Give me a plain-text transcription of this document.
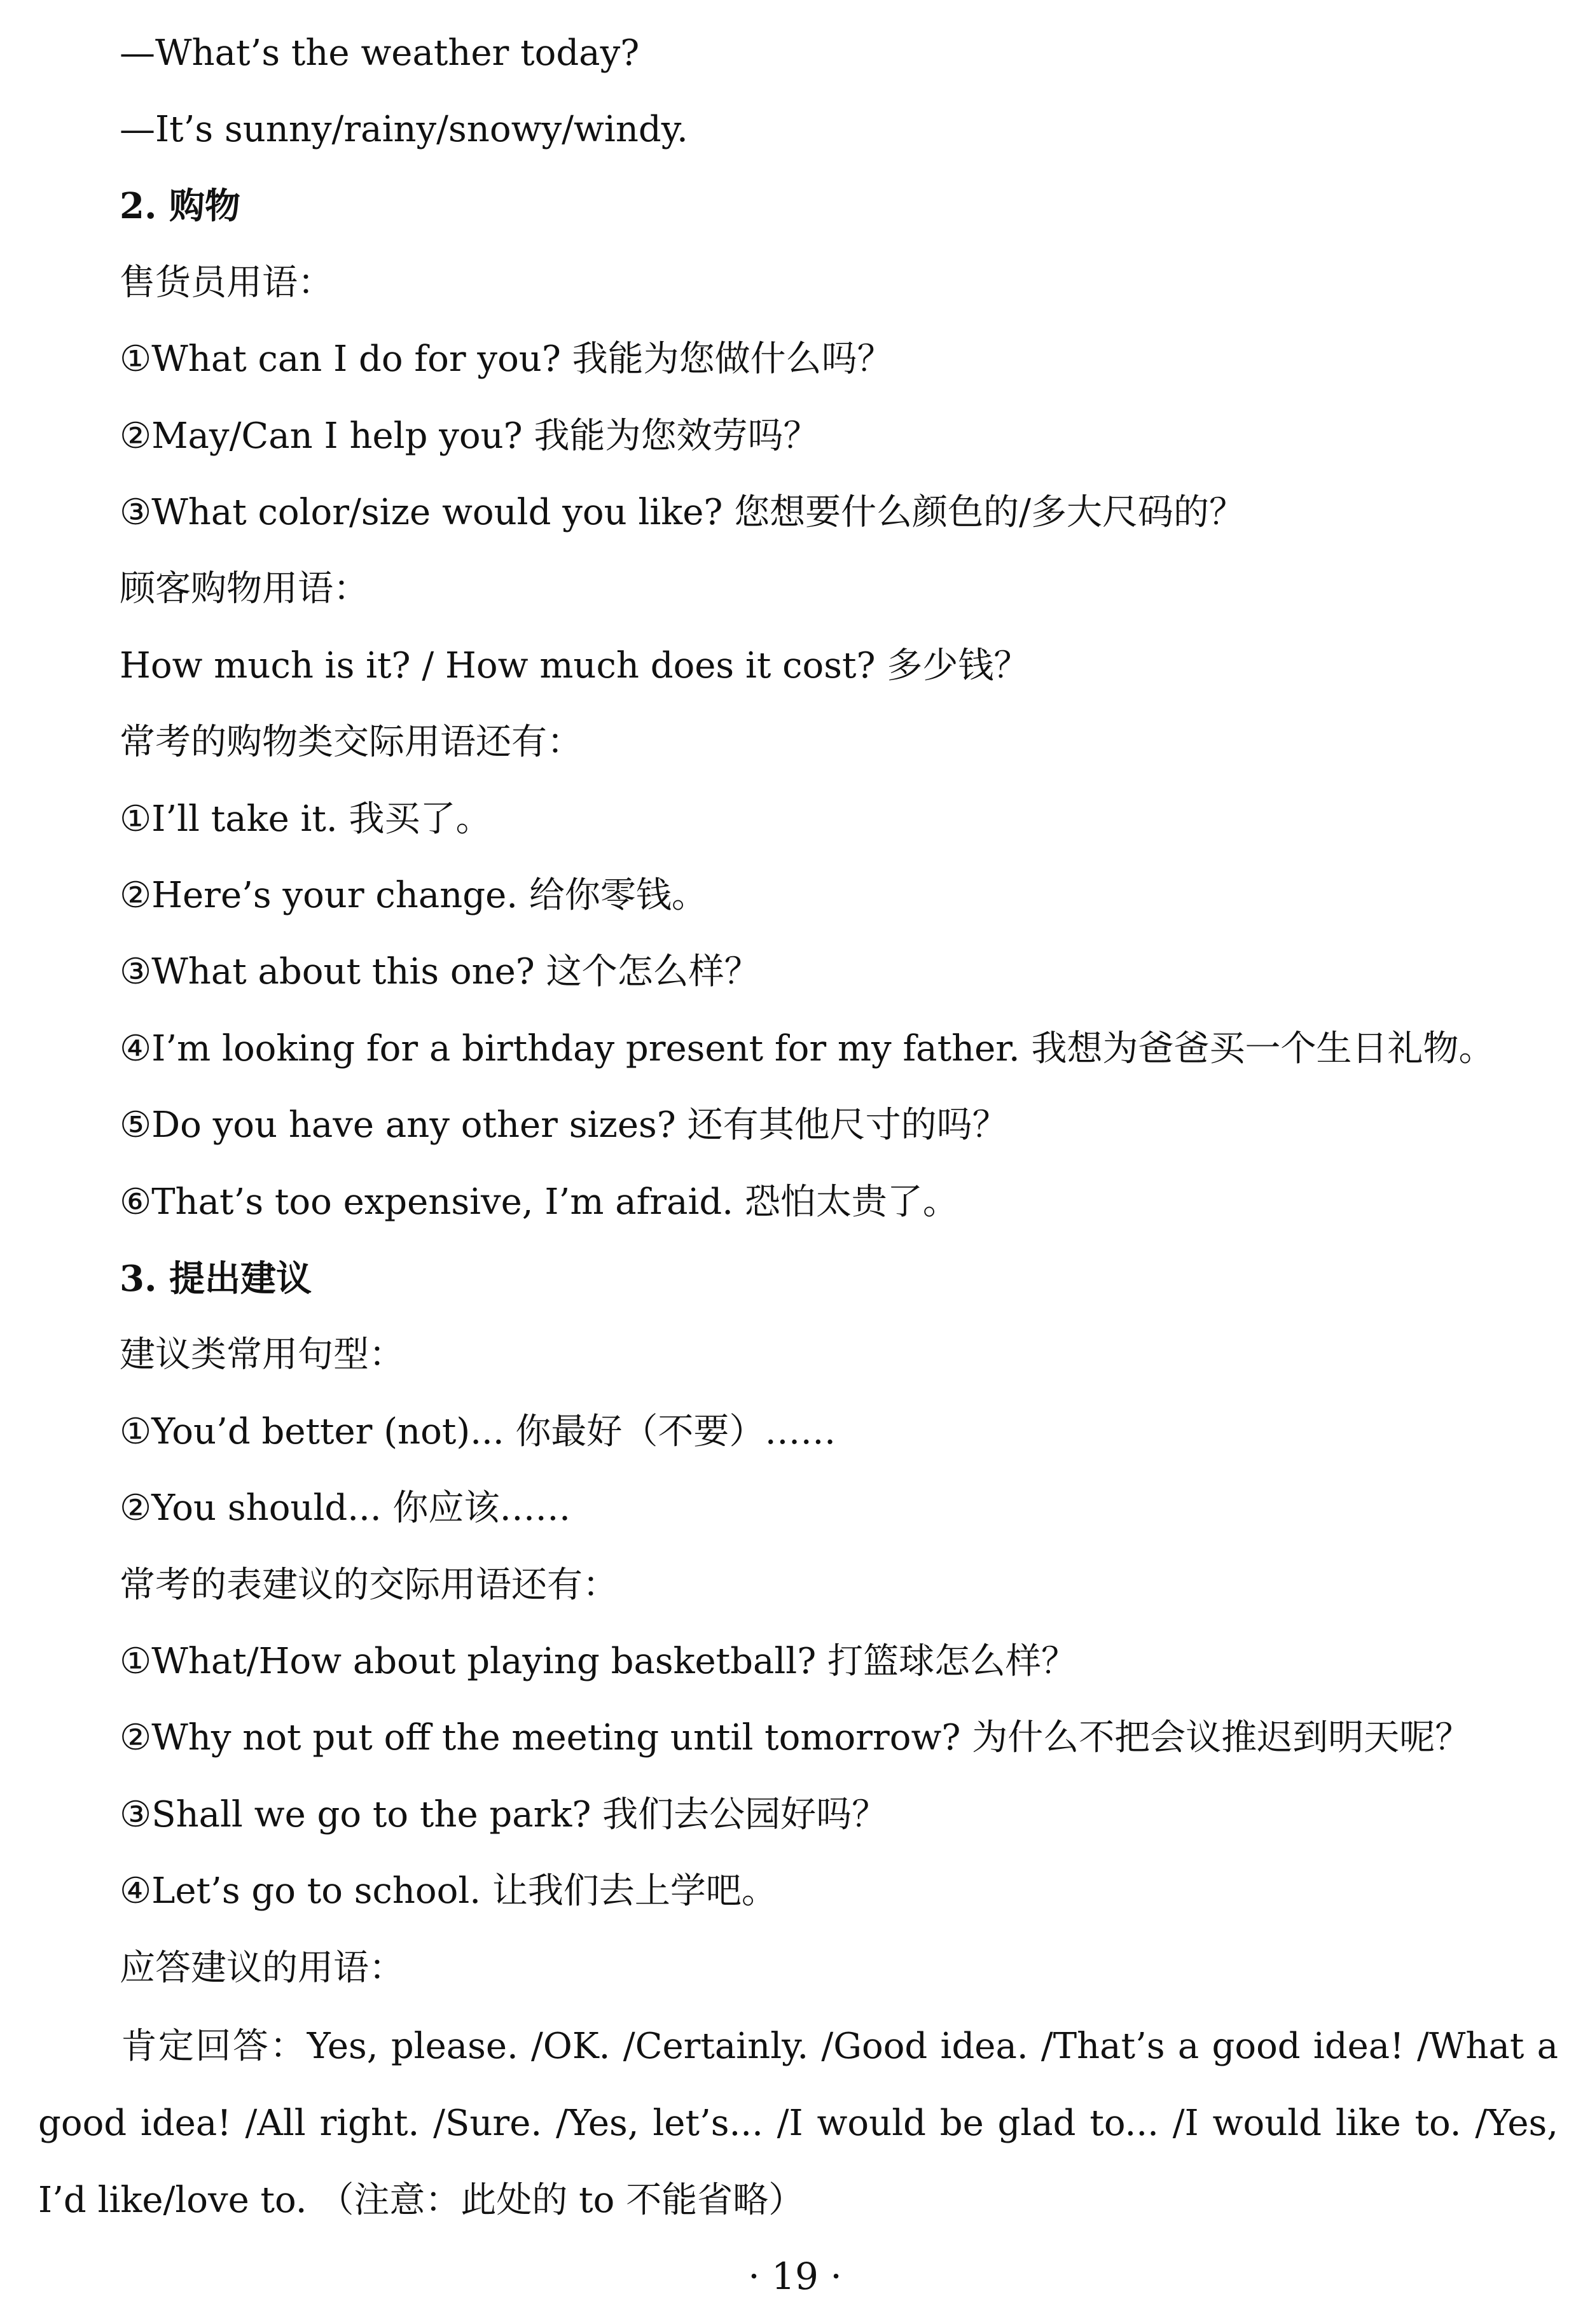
—What’s the weather today?
—It’s sunny/rainy/snowy/windy.
2. 购物
售货员用语：
①What can I do for you? 我能为您做什么吗？
②May/Can I help you? 我能为您效劳吗？
③What color/size would you like? 您想要什么颜色的/多大尺码的？
顾客购物用语：
How much is it? / How much does it cost? 多少钱？
常考的购物类交际用语还有：
①I’ll take it. 我买了。
②Here’s your change. 给你零钱。
③What about this one? 这个怎么样？
④I’m looking for a birthday present for my father. 我想为爸爸买一个生日礼物。
⑤Do you have any other sizes? 还有其他尺寸的吗？
⑥That’s too expensive, I’m afraid. 恐怕太贵了。
3. 提出建议
建议类常用句型：
①You’d better (not)... 你最好（不要）……
②You should... 你应该……
常考的表建议的交际用语还有：
①What/How about playing basketball? 打篮球怎么样？
②Why not put off the meeting until tomorrow? 为什么不把会议推迟到明天呢？
③Shall we go to the park? 我们去公园好吗？
④Let’s go to school. 让我们去上学吧。
应答建议的用语：
肯定回答：Yes, please. /OK. /Certainly. /Good idea. /That’s a good idea! /What a good idea! /All right. /Sure. /Yes, let’s... /I would be glad to... /I would like to. /Yes, I’d like/love to. （注意：此处的 to 不能省略）
· 19 ·
